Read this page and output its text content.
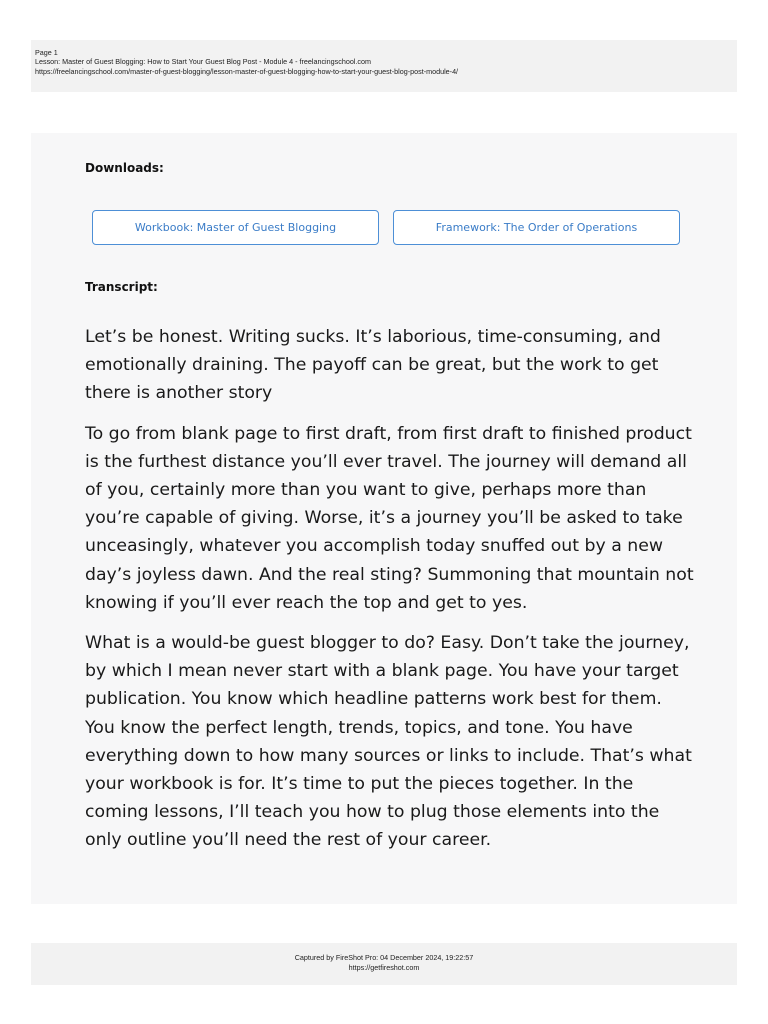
Page 1
Lesson: Master of Guest Blogging: How to Start Your Guest Blog Post - Module 4 - freelancingschool.com
https://freelancingschool.com/master-of-guest-blogging/lesson-master-of-guest-blogging-how-to-start-your-guest-blog-post-module-4/
Downloads:
Workbook: Master of Guest Blogging	Framework: The Order of Operations
Transcript:

Let’s be honest. Writing sucks. It’s laborious, time-consuming, and emotionally draining. The payoff can be great, but the work to get there is another story

To go from blank page to first draft, from first draft to finished product is the furthest distance you’ll ever travel. The journey will demand all of you, certainly more than you want to give, perhaps more than you’re capable of giving. Worse, it’s a journey you’ll be asked to take unceasingly, whatever you accomplish today snuffed out by a new day’s joyless dawn. And the real sting? Summoning that mountain not knowing if you’ll ever reach the top and get to yes.

What is a would-be guest blogger to do? Easy. Don’t take the journey, by which I mean never start with a blank page. You have your target publication. You know which headline patterns work best for them. You know the perfect length, trends, topics, and tone. You have everything down to how many sources or links to include. That’s what your workbook is for. It’s time to put the pieces together. In the coming lessons, I’ll teach you how to plug those elements into the only outline you’ll need the rest of your career.

Captured by FireShot Pro: 04 December 2024, 19:22:57
https://getfireshot.com
